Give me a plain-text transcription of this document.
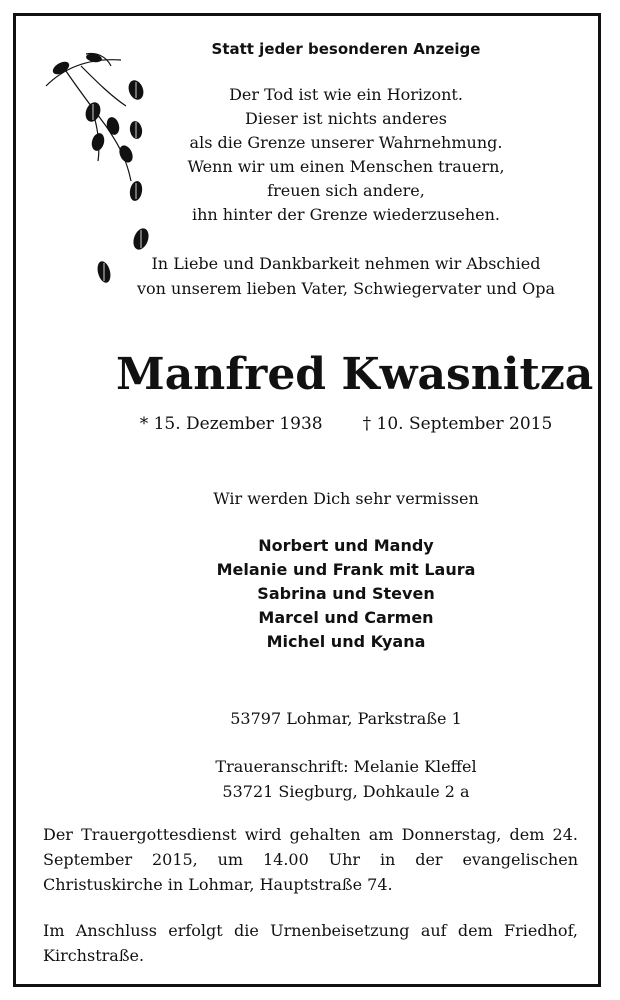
Statt jeder besonderen Anzeige
Der Tod ist wie ein Horizont.
Dieser ist nichts anderes
als die Grenze unserer Wahrnehmung.
Wenn wir um einen Menschen trauern,
freuen sich andere,
ihn hinter der Grenze wiederzusehen.
In Liebe und Dankbarkeit nehmen wir Abschied
von unserem lieben Vater, Schwiegervater und Opa
Manfred Kwasnitza
* 15. Dezember 1938 † 10. September 2015
Wir werden Dich sehr vermissen
Norbert und Mandy
Melanie und Frank mit Laura
Sabrina und Steven
Marcel und Carmen
Michel und Kyana
53797 Lohmar, Parkstraße 1
Traueranschrift: Melanie Kleffel
53721 Siegburg, Dohkaule 2 a
Der Trauergottesdienst wird gehalten am Donnerstag, dem 24. September 2015, um 14.00 Uhr in der evangelischen Christuskirche in Lohmar, Hauptstraße 74.
Im Anschluss erfolgt die Urnenbeisetzung auf dem Friedhof, Kirchstraße.
